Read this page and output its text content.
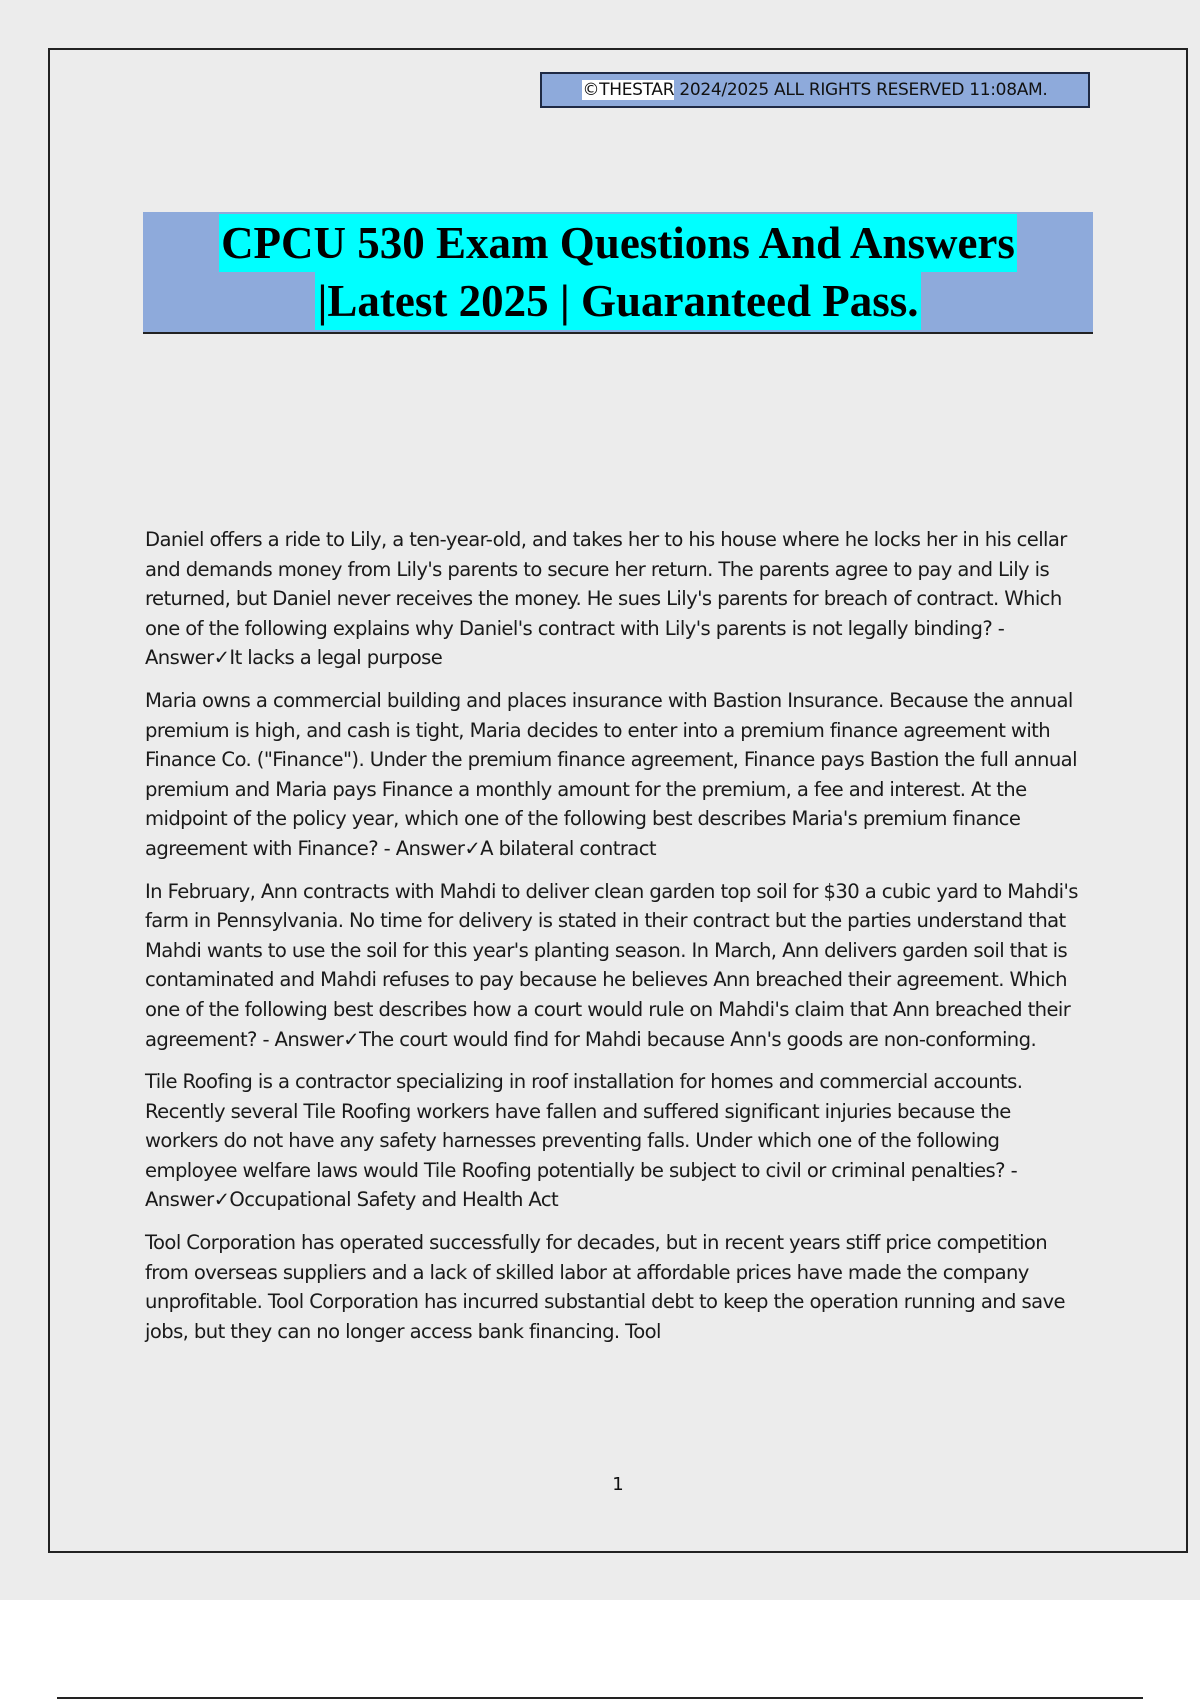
©THESTAR 2024/2025 ALL RIGHTS RESERVED 11:08AM.
CPCU 530 Exam Questions And Answers
|Latest 2025 | Guaranteed Pass.

Daniel offers a ride to Lily, a ten-year-old, and takes her to his house where he locks her in his cellar and demands money from Lily's parents to secure her return. The parents agree to pay and Lily is returned, but Daniel never receives the money. He sues Lily's parents for breach of contract. Which one of the following explains why Daniel's contract with Lily's parents is not legally binding? - Answer✓It lacks a legal purpose

Maria owns a commercial building and places insurance with Bastion Insurance. Because the annual premium is high, and cash is tight, Maria decides to enter into a premium finance agreement with Finance Co. ("Finance"). Under the premium finance agreement, Finance pays Bastion the full annual premium and Maria pays Finance a monthly amount for the premium, a fee and interest. At the midpoint of the policy year, which one of the following best describes Maria's premium finance agreement with Finance? - Answer✓A bilateral contract

In February, Ann contracts with Mahdi to deliver clean garden top soil for $30 a cubic yard to Mahdi's farm in Pennsylvania. No time for delivery is stated in their contract but the parties understand that Mahdi wants to use the soil for this year's planting season. In March, Ann delivers garden soil that is contaminated and Mahdi refuses to pay because he believes Ann breached their agreement. Which one of the following best describes how a court would rule on Mahdi's claim that Ann breached their agreement? - Answer✓The court would find for Mahdi because Ann's goods are non-conforming.

Tile Roofing is a contractor specializing in roof installation for homes and commercial accounts. Recently several Tile Roofing workers have fallen and suffered significant injuries because the workers do not have any safety harnesses preventing falls. Under which one of the following employee welfare laws would Tile Roofing potentially be subject to civil or criminal penalties? - Answer✓Occupational Safety and Health Act

Tool Corporation has operated successfully for decades, but in recent years stiff price competition from overseas suppliers and a lack of skilled labor at affordable prices have made the company unprofitable. Tool Corporation has incurred substantial debt to keep the operation running and save jobs, but they can no longer access bank financing. Tool

1
